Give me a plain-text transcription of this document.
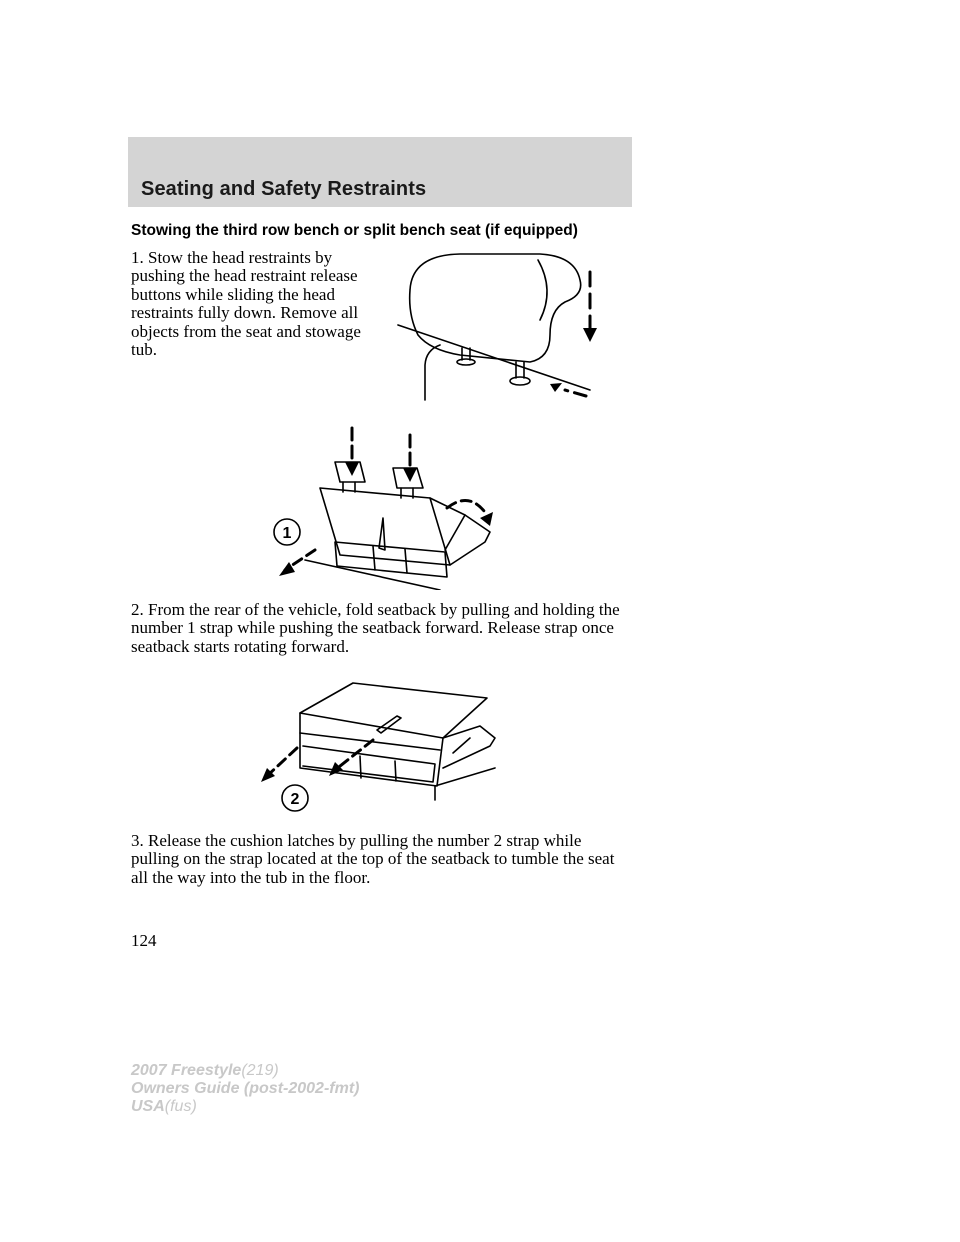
Seating and Safety Restraints
Stowing the third row bench or split bench seat (if equipped)

1. Stow the head restraints by pushing the head restraint release buttons while sliding the head restraints fully down. Remove all objects from the seat and stowage tub.

1

2. From the rear of the vehicle, fold seatback by pulling and holding the number 1 strap while pushing the seatback forward. Release strap once seatback starts rotating forward.

2

3. Release the cushion latches by pulling the number 2 strap while pulling on the strap located at the top of the seatback to tumble the seat all the way into the tub in the floor.

124
2007 Freestyle(219)
Owners Guide (post-2002-fmt)
USA(fus)
